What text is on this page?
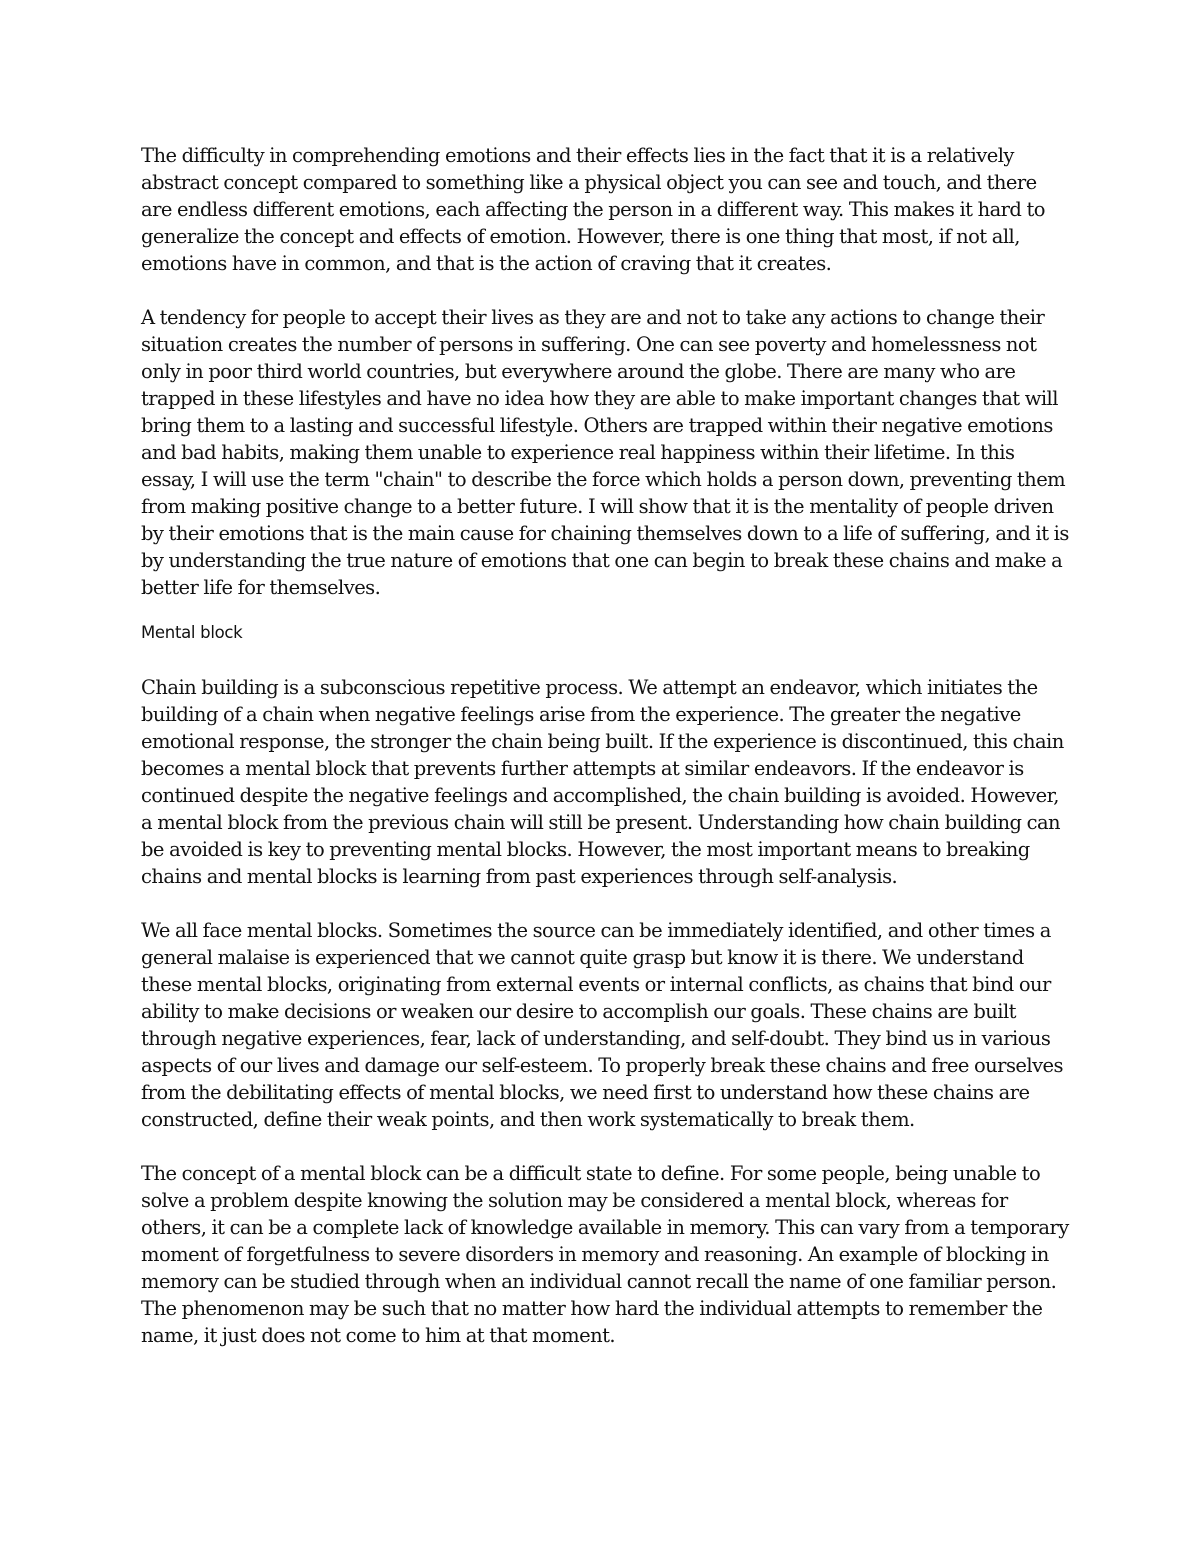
The difficulty in comprehending emotions and their effects lies in the fact that it is a relatively abstract concept compared to something like a physical object you can see and touch, and there are endless different emotions, each affecting the person in a different way. This makes it hard to generalize the concept and effects of emotion. However, there is one thing that most, if not all, emotions have in common, and that is the action of craving that it creates.

A tendency for people to accept their lives as they are and not to take any actions to change their situation creates the number of persons in suffering. One can see poverty and homelessness not only in poor third world countries, but everywhere around the globe. There are many who are trapped in these lifestyles and have no idea how they are able to make important changes that will bring them to a lasting and successful lifestyle. Others are trapped within their negative emotions and bad habits, making them unable to experience real happiness within their lifetime. In this essay, I will use the term "chain" to describe the force which holds a person down, preventing them from making positive change to a better future. I will show that it is the mentality of people driven by their emotions that is the main cause for chaining themselves down to a life of suffering, and it is by understanding the true nature of emotions that one can begin to break these chains and make a better life for themselves.

Mental block

Chain building is a subconscious repetitive process. We attempt an endeavor, which initiates the building of a chain when negative feelings arise from the experience. The greater the negative emotional response, the stronger the chain being built. If the experience is discontinued, this chain becomes a mental block that prevents further attempts at similar endeavors. If the endeavor is continued despite the negative feelings and accomplished, the chain building is avoided. However, a mental block from the previous chain will still be present. Understanding how chain building can be avoided is key to preventing mental blocks. However, the most important means to breaking chains and mental blocks is learning from past experiences through self-analysis.

We all face mental blocks. Sometimes the source can be immediately identified, and other times a general malaise is experienced that we cannot quite grasp but know it is there. We understand these mental blocks, originating from external events or internal conflicts, as chains that bind our ability to make decisions or weaken our desire to accomplish our goals. These chains are built through negative experiences, fear, lack of understanding, and self-doubt. They bind us in various aspects of our lives and damage our self-esteem. To properly break these chains and free ourselves from the debilitating effects of mental blocks, we need first to understand how these chains are constructed, define their weak points, and then work systematically to break them.

The concept of a mental block can be a difficult state to define. For some people, being unable to solve a problem despite knowing the solution may be considered a mental block, whereas for others, it can be a complete lack of knowledge available in memory. This can vary from a temporary moment of forgetfulness to severe disorders in memory and reasoning. An example of blocking in memory can be studied through when an individual cannot recall the name of one familiar person. The phenomenon may be such that no matter how hard the individual attempts to remember the name, it just does not come to him at that moment.
